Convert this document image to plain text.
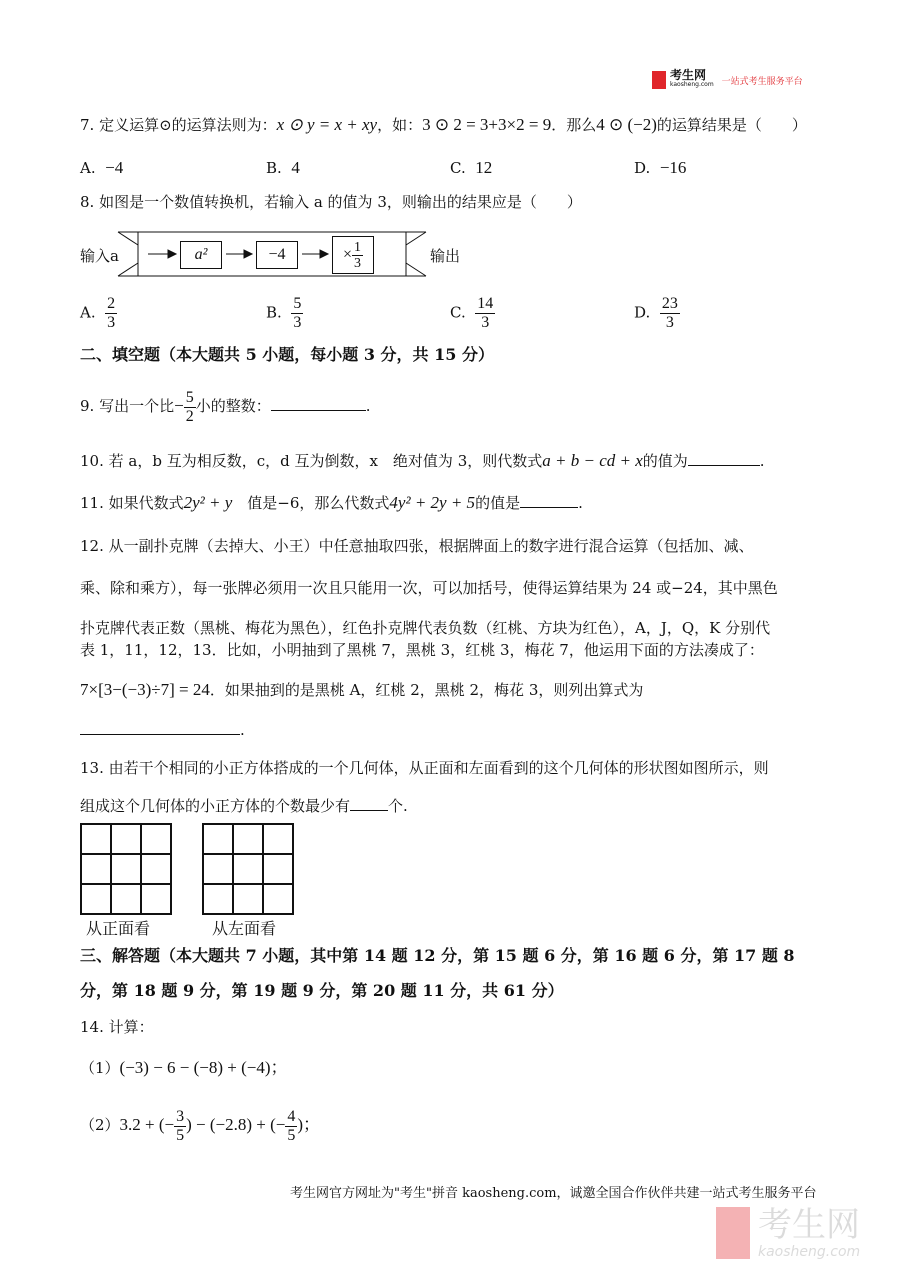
考生网
kaosheng.com 一站式考生服务平台
7. 定义运算⊙的运算法则为：x ⊙ y = x + xy，如：3 ⊙ 2 = 3+3×2 = 9．那么4 ⊙ (−2)的运算结果是（　　）
A. −4	B. 4	C. 12	D. −16
8. 如图是一个数值转换机，若输入 a 的值为 3，则输出的结果应是（　　）
输入a	a²	−4	× $\frac{1}{3}$	输出
A. $\frac{2}{3}$	B. $\frac{5}{3}$	C. $\frac{14}{3}$	D. $\frac{23}{3}$
二、填空题（本大题共 5 小题，每小题 3 分，共 15 分）
9. 写出一个比− $\frac{5}{2}$ 小的整数：	.
10. 若 a，b 互为相反数，c，d 互为倒数，x　绝对值为 3，则代数式a + b − cd + x的值为	.
11. 如果代数式2y² + y　值是−6，那么代数式4y² + 2y + 5的值是	.
12. 从一副扑克牌（去掉大、小王）中任意抽取四张，根据牌面上的数字进行混合运算（包括加、减、
乘、除和乘方），每一张牌必须用一次且只能用一次，可以加括号，使得运算结果为 24 或−24，其中黑色
扑克牌代表正数（黑桃、梅花为黑色），红色扑克牌代表负数（红桃、方块为红色），A，J，Q，K 分别代
表 1，11，12，13．比如，小明抽到了黑桃 7，黑桃 3，红桃 3，梅花 7，他运用下面的方法凑成了：
7×[3−(−3)÷7] = 24．如果抽到的是黑桃 A，红桃 2，黑桃 2，梅花 3，则列出算式为
.
13. 由若干个相同的小正方体搭成的一个几何体，从正面和左面看到的这个几何体的形状图如图所示，则
组成这个几何体的小正方体的个数最少有	个.
从正面看	从左面看
三、解答题（本大题共 7 小题，其中第 14 题 12 分，第 15 题 6 分，第 16 题 6 分，第 17 题 8
分，第 18 题 9 分，第 19 题 9 分，第 20 题 11 分，共 61 分）
14. 计算：
（1）(−3) − 6 − (−8) + (−4)；
（2）3.2 + (− $\frac{3}{5}$ ) − (−2.8) + (− $\frac{4}{5}$ )；
考生网官方网址为"考生"拼音 kaosheng.com，诚邀全国合作伙伴共建一站式考生服务平台
考生网
kaosheng.com
